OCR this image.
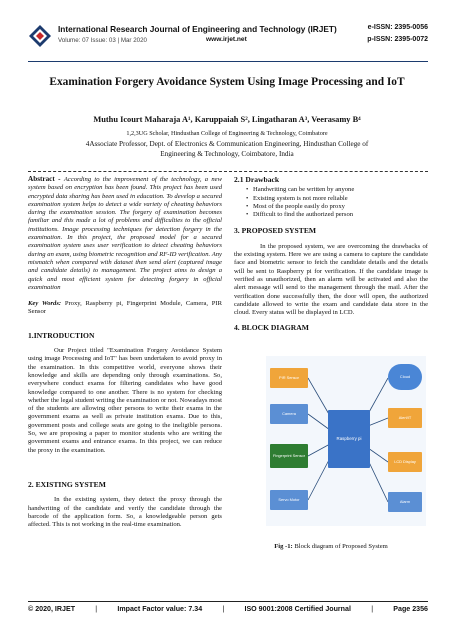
International Research Journal of Engineering and Technology (IRJET)	e-ISSN: 2395-0056
Volume: 07 Issue: 03 | Mar 2020	www.irjet.net	p-ISSN: 2395-0072
Examination Forgery Avoidance System Using Image Processing and IoT
Muthu Icourt Maharaja A¹, Karuppaiah S², Lingatharan A³, Veerasamy B⁴
1,2,3UG Scholar, Hindusthan College of Engineering & Technology, Coimbatore
4Associate Professor, Dept. of Electronics & Communication Engineering, Hindusthan College of
Engineering & Technology, Coimbatore, India

Abstract - According to the improvement of the technology, a new system based on encryption has been found. This project has been used encrypted data sharing has been used in education. To develop a secured examination system helps to detect a wide variety of cheating behaviors during the examination session. The forgery of examination becomes familiar and this made a lot of problems and difficulties to the official institutions. Image processing techniques for detection forgery in the examination. In this project, the proposed model for a secured examination system uses user verification to detect cheating behaviors during an exam, using biometric recognition and RF-ID verification. Any mismatch when compared with dataset then send alert (captured image and candidate details) to management. The project aims to design a quick and most efficient system for detecting forgery in official examination

Key Words: Proxy, Raspberry pi, Fingerprint Module, Camera, PIR Sensor

1.INTRODUCTION

Our Project titled "Examination Forgery Avoidance System using image Processing and IoT" has been undertaken to avoid proxy in the examination. In this competitive world, everyone shows their knowledge and skills are depending only through examinations. So, everywhere conduct exams for filtering candidates who have good knowledge compared to one another. There is no system for checking whether the legal student writing the examination or not. Nowadays most of the students are allowing other persons to write their exams in the government exams as well as private institution exams. Due to this, government posts and college seats are going to the ineligible persons. So, we are proposing a paper to monitor students who are writing the government exams and entrance exams. In this project, we can reduce the proxy in the examination.

2. EXISTING SYSTEM

In the existing system, they detect the proxy through the handwriting of the candidate and verify the candidate through the barcode of the application form. So, a knowledgeable person gets affected. This is not working in the real-time examination.

2.1 Drawback
• Handwriting can be written by anyone
• Existing system is not more reliable
• Most of the people easily do proxy
• Difficult to find the authorized person
3. PROPOSED SYSTEM

In the proposed system, we are overcoming the drawbacks of the existing system. Here we are using a camera to capture the candidate face and biometric sensor to fetch the candidate details and the details will be sent to Raspberry pi for verification. If the candidate image is verified as unauthorized, then an alarm will be activated and also the alert message will send to the management through the mail. After the verification done successfully then, the door will open, the authorized candidate allowed to write the exam and candidate data store in the cloud. Every status will be displayed in LCD.

4. BLOCK DIAGRAM
PIR Sensor
Camera
Fingerprint Sensor
Servo Motor
Raspberry pi
Cloud
Alert/IT
LCD Display
Alarm
Fig -1: Block diagram of Proposed System
© 2020, IRJET	|	Impact Factor value: 7.34	|	ISO 9001:2008 Certified Journal	|	Page 2356
